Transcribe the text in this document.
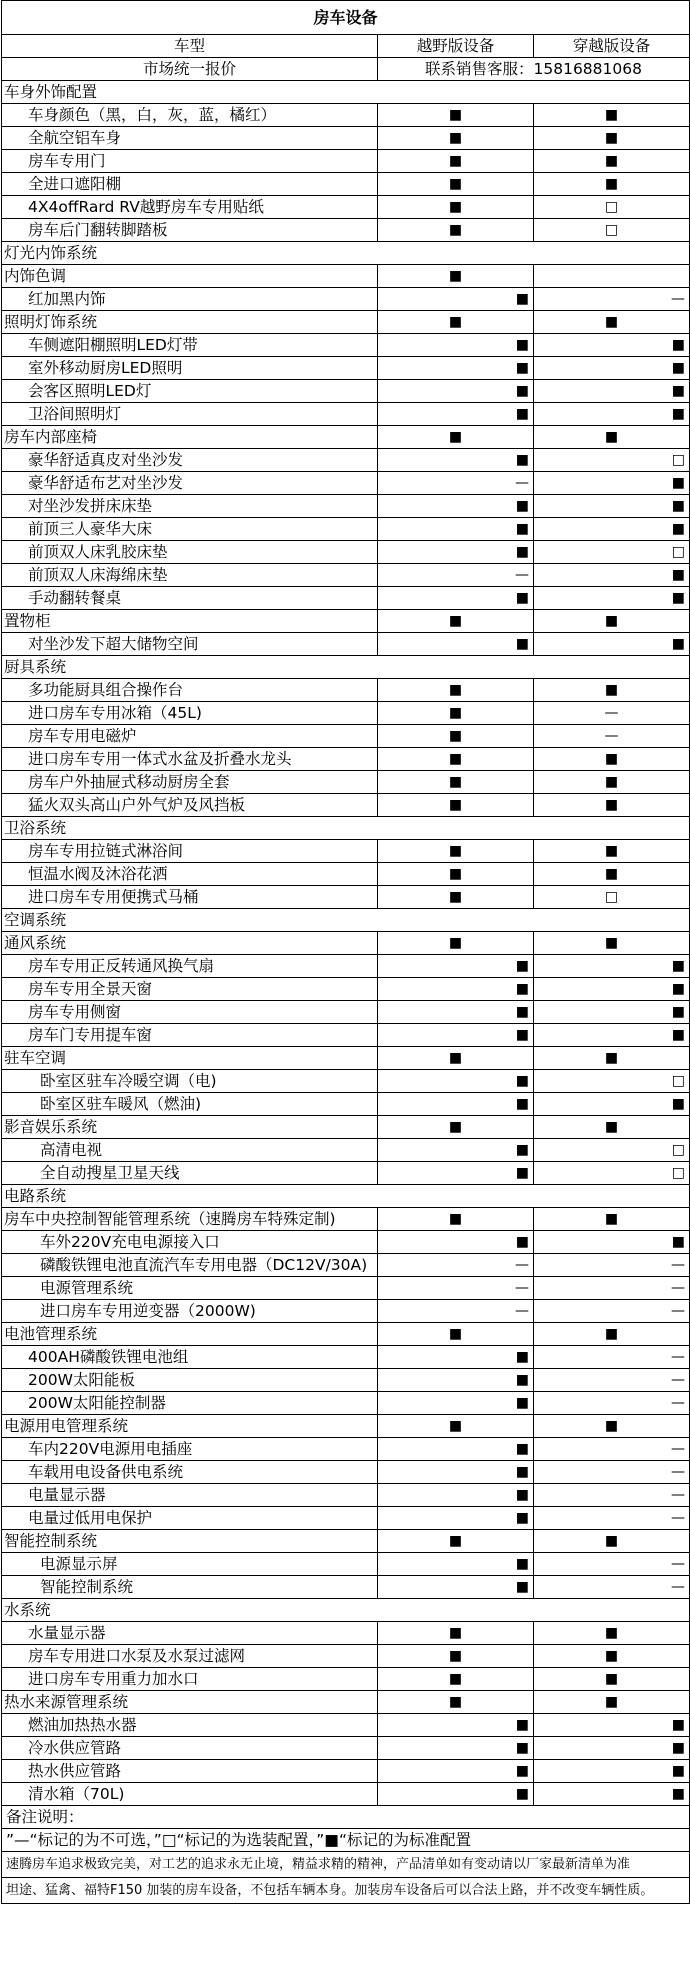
房车设备		
车型	越野版设备	穿越版设备
市场统一报价	联系销售客服：15816881068	
车身外饰配置		
车身颜色（黑，白，灰，蓝，橘红）	■	■

全航空铝车身	■	■

房车专用门	■	■

全进口遮阳棚	■	■

4X4offRard RV越野房车专用贴纸	■	□

房车后门翻转脚踏板	■	□

灯光内饰系统		
内饰色调	■	

红加黑内饰	■	—

照明灯饰系统	■	■

车侧遮阳棚照明LED灯带	■	■

室外移动厨房LED照明	■	■

会客区照明LED灯	■	■

卫浴间照明灯	■	■

房车内部座椅	■	■

豪华舒适真皮对坐沙发	■	□

豪华舒适布艺对坐沙发	—	■

对坐沙发拼床床垫	■	■

前顶三人豪华大床	■	■

前顶双人床乳胶床垫	■	□

前顶双人床海绵床垫	—	■

手动翻转餐桌	■	■

置物柜	■	■

对坐沙发下超大储物空间	■	■

厨具系统		
多功能厨具组合操作台	■	■

进口房车专用冰箱（45L)	■	—

房车专用电磁炉	■	—

进口房车专用一体式水盆及折叠水龙头	■	■

房车户外抽屉式移动厨房全套	■	■

猛火双头高山户外气炉及风挡板	■	■

卫浴系统		
房车专用拉链式淋浴间	■	■

恒温水阀及沐浴花洒	■	■

进口房车专用便携式马桶	■	□

空调系统		
通风系统	■	■

房车专用正反转通风换气扇	■	■

房车专用全景天窗	■	■

房车专用侧窗	■	■

房车门专用提车窗	■	■

驻车空调	■	■

卧室区驻车冷暖空调（电)	■	□

卧室区驻车暖风（燃油)	■	■

影音娱乐系统	■	■

高清电视	■	□

全自动搜星卫星天线	■	□

电路系统		
房车中央控制智能管理系统（速腾房车特殊定制)	■	■

车外220V充电电源接入口	■	■

磷酸铁锂电池直流汽车专用电器（DC12V/30A)	—	—

电源管理系统	—	—

进口房车专用逆变器（2000W)	—	—

电池管理系统	■	■

400AH磷酸铁锂电池组	■	—

200W太阳能板	■	—

200W太阳能控制器	■	—

电源用电管理系统	■	■

车内220V电源用电插座	■	—

车载用电设备供电系统	■	—

电量显示器	■	—

电量过低用电保护	■	—

智能控制系统	■	■

电源显示屏	■	—

智能控制系统	■	—

水系统		
水量显示器	■	■

房车专用进口水泵及水泵过滤网	■	■

进口房车专用重力加水口	■	■

热水来源管理系统	■	■

燃油加热热水器	■	■

冷水供应管路	■	■

热水供应管路	■	■

清水箱（70L)	■	■

备注说明：		
”—“标记的为不可选，”□“标记的为选装配置，”■“标记的为标准配置		
速腾房车追求极致完美，对工艺的追求永无止境，精益求精的精神，产品清单如有变动请以厂家最新清单为准		
坦途、猛禽、福特F150 加装的房车设备，不包括车辆本身。加装房车设备后可以合法上路，并不改变车辆性质。		
